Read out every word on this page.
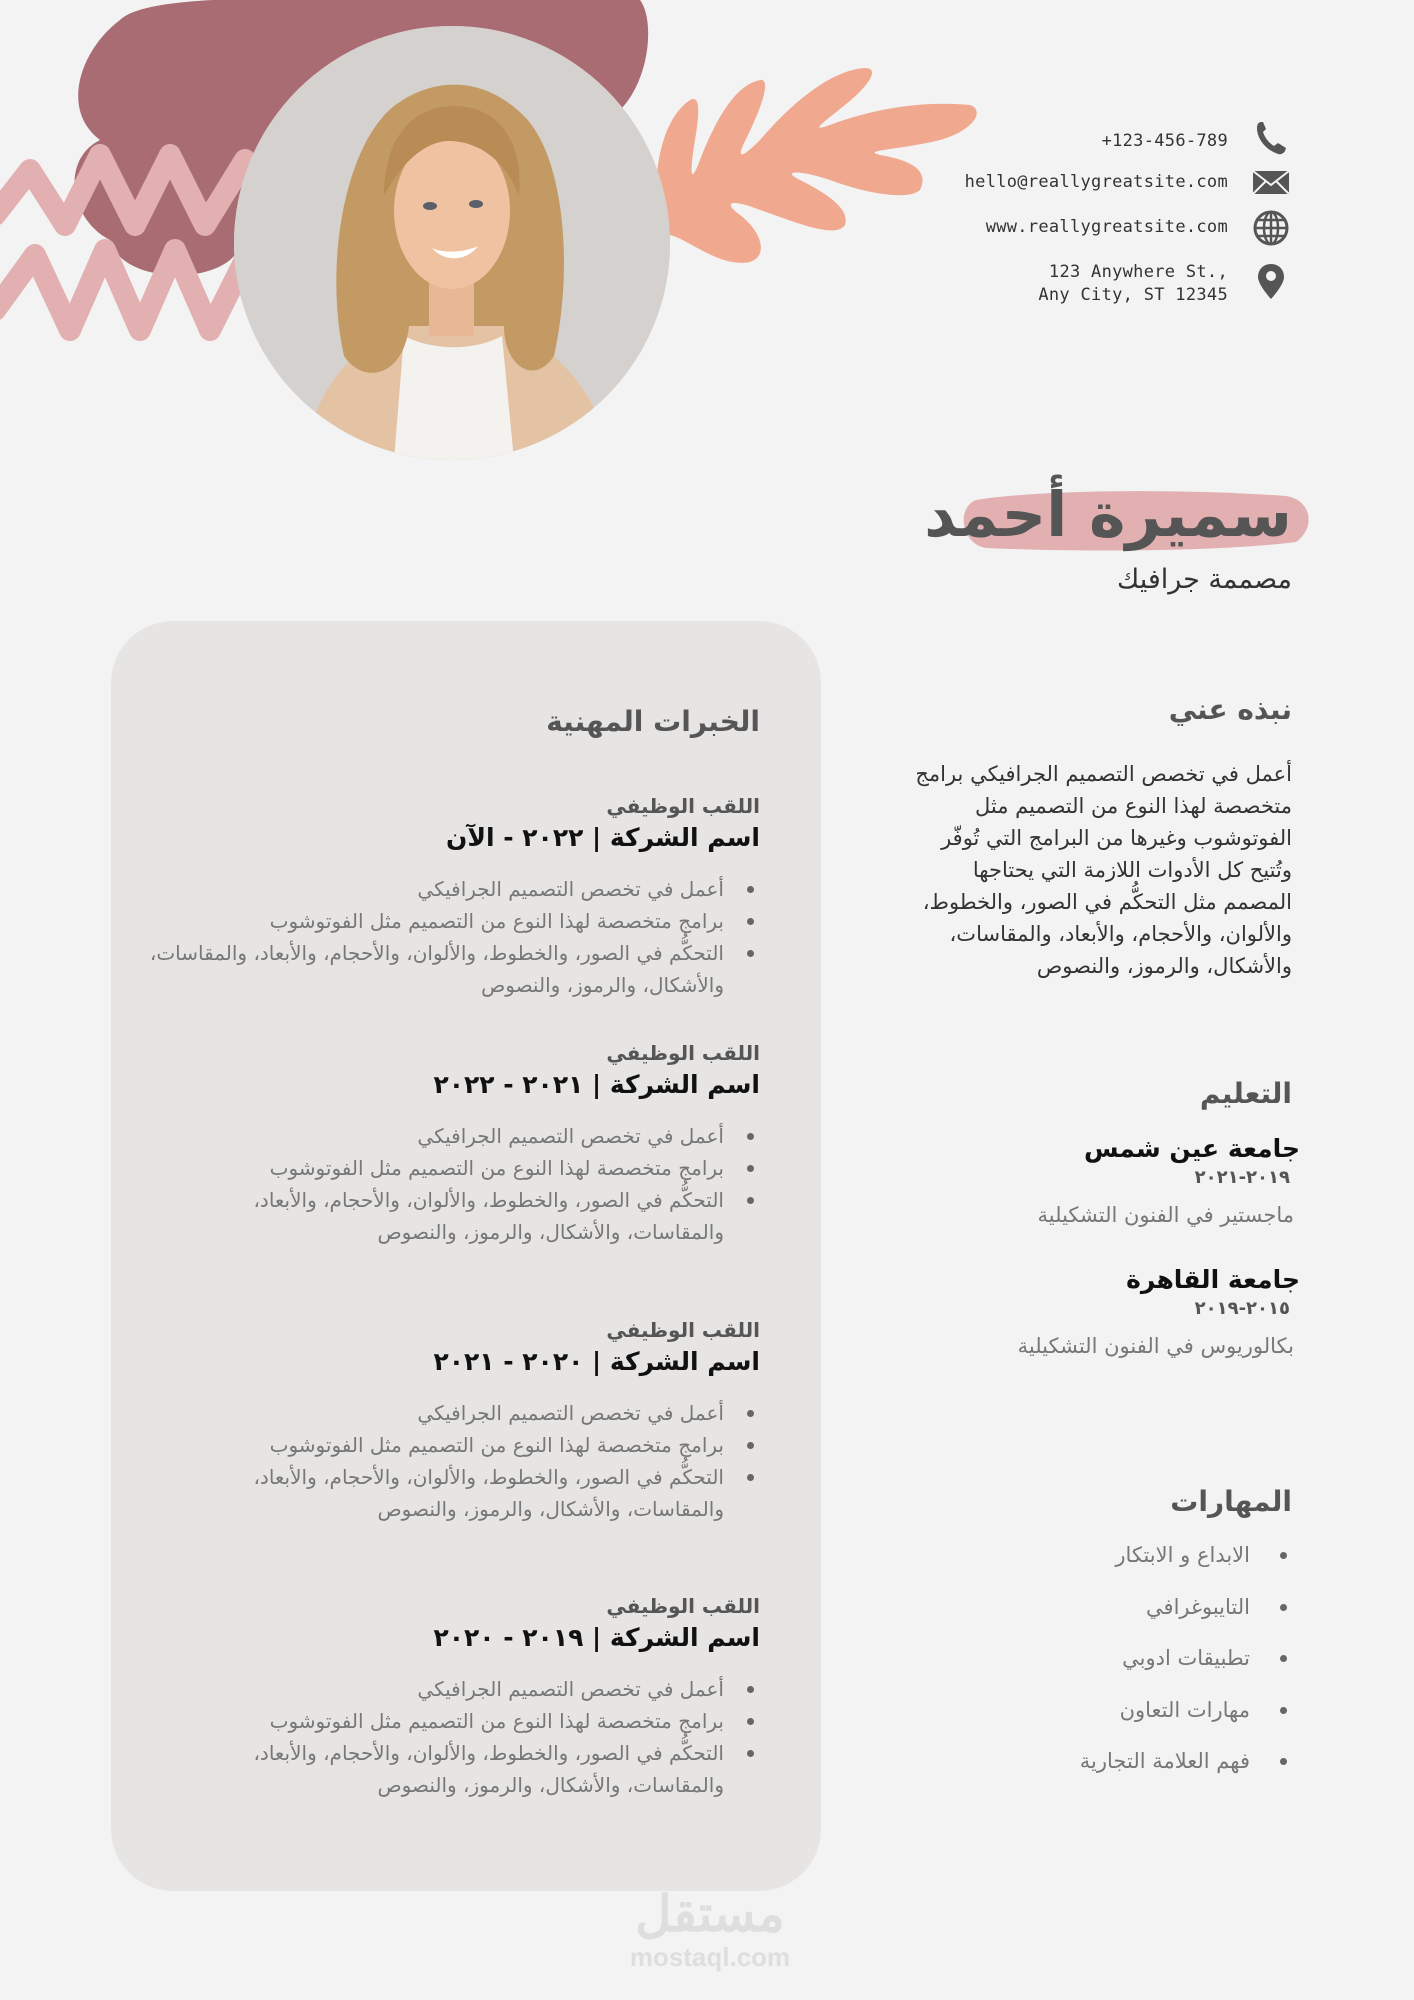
+123-456-789
hello@reallygreatsite.com
www.reallygreatsite.com
123 Anywhere St.,
Any City, ST 12345
سميرة أحمد
مصممة جرافيك
الخبرات المهنية
اللقب الوظيفي
اسم الشركة | ٢٠٢٢ - الآن
أعمل في تخصص التصميم الجرافيكي
برامج متخصصة لهذا النوع من التصميم مثل الفوتوشوب
التحكُّم في الصور، والخطوط، والألوان، والأحجام، والأبعاد، والمقاسات، والأشكال، والرموز، والنصوص
اللقب الوظيفي
اسم الشركة | ٢٠٢١ - ٢٠٢٢
أعمل في تخصص التصميم الجرافيكي
برامج متخصصة لهذا النوع من التصميم مثل الفوتوشوب
التحكُّم في الصور، والخطوط، والألوان، والأحجام، والأبعاد، والمقاسات، والأشكال، والرموز، والنصوص
اللقب الوظيفي
اسم الشركة | ٢٠٢٠ - ٢٠٢١
أعمل في تخصص التصميم الجرافيكي
برامج متخصصة لهذا النوع من التصميم مثل الفوتوشوب
التحكُّم في الصور، والخطوط، والألوان، والأحجام، والأبعاد، والمقاسات، والأشكال، والرموز، والنصوص
اللقب الوظيفي
اسم الشركة | ٢٠١٩ - ٢٠٢٠
أعمل في تخصص التصميم الجرافيكي
برامج متخصصة لهذا النوع من التصميم مثل الفوتوشوب
التحكُّم في الصور، والخطوط، والألوان، والأحجام، والأبعاد، والمقاسات، والأشكال، والرموز، والنصوص
نبذه عني
أعمل في تخصص التصميم الجرافيكي برامج
متخصصة لهذا النوع من التصميم مثل
الفوتوشوب وغيرها من البرامج التي تُوفّر
وتُتيح كل الأدوات اللازمة التي يحتاجها
المصمم مثل التحكُّم في الصور، والخطوط،
والألوان، والأحجام، والأبعاد، والمقاسات،
والأشكال، والرموز، والنصوص
التعليم
جامعة عين شمس
٢٠١٩-٢٠٢١
ماجستير في الفنون التشكيلية
جامعة القاهرة
٢٠١٥-٢٠١٩
بكالوريوس في الفنون التشكيلية
المهارات
الابداع و الابتكار
التايبوغرافي
تطبيقات ادوبي
مهارات التعاون
فهم العلامة التجارية
مستقل
mostaql.com
